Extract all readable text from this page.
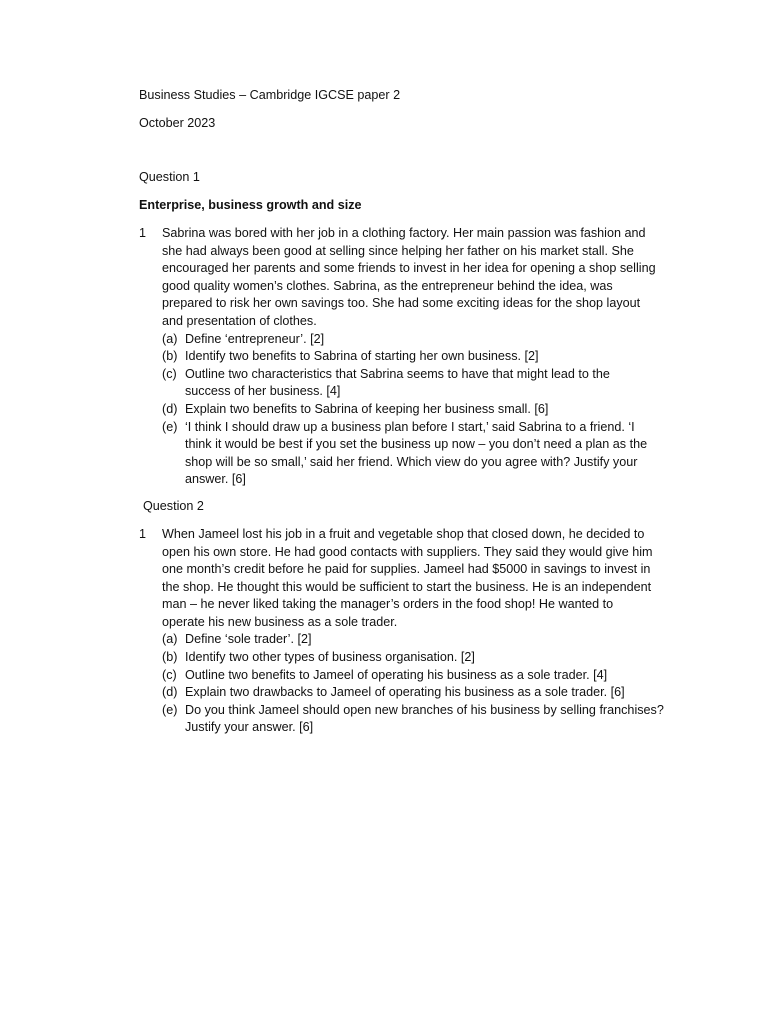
Business Studies – Cambridge IGCSE paper 2

October 2023

Question 1

Enterprise, business growth and size

1 Sabrina was bored with her job in a clothing factory. Her main passion was fashion and
she had always been good at selling since helping her father on his market stall. She
encouraged her parents and some friends to invest in her idea for opening a shop selling
good quality women’s clothes. Sabrina, as the entrepreneur behind the idea, was
prepared to risk her own savings too. She had some exciting ideas for the shop layout
and presentation of clothes.
(a) Define ‘entrepreneur’. [2]
(b) Identify two benefits to Sabrina of starting her own business. [2]
(c) Outline two characteristics that Sabrina seems to have that might lead to the
success of her business. [4]
(d) Explain two benefits to Sabrina of keeping her business small. [6]
(e) ‘I think I should draw up a business plan before I start,’ said Sabrina to a friend. ‘I
think it would be best if you set the business up now – you don’t need a plan as the
shop will be so small,’ said her friend. Which view do you agree with? Justify your
answer. [6]

Question 2

1 When Jameel lost his job in a fruit and vegetable shop that closed down, he decided to
open his own store. He had good contacts with suppliers. They said they would give him
one month’s credit before he paid for supplies. Jameel had $5000 in savings to invest in
the shop. He thought this would be sufficient to start the business. He is an independent
man – he never liked taking the manager’s orders in the food shop! He wanted to
operate his new business as a sole trader.
(a) Define ‘sole trader’. [2]
(b) Identify two other types of business organisation. [2]
(c) Outline two benefits to Jameel of operating his business as a sole trader. [4]
(d) Explain two drawbacks to Jameel of operating his business as a sole trader. [6]
(e) Do you think Jameel should open new branches of his business by selling franchises?
Justify your answer. [6]
